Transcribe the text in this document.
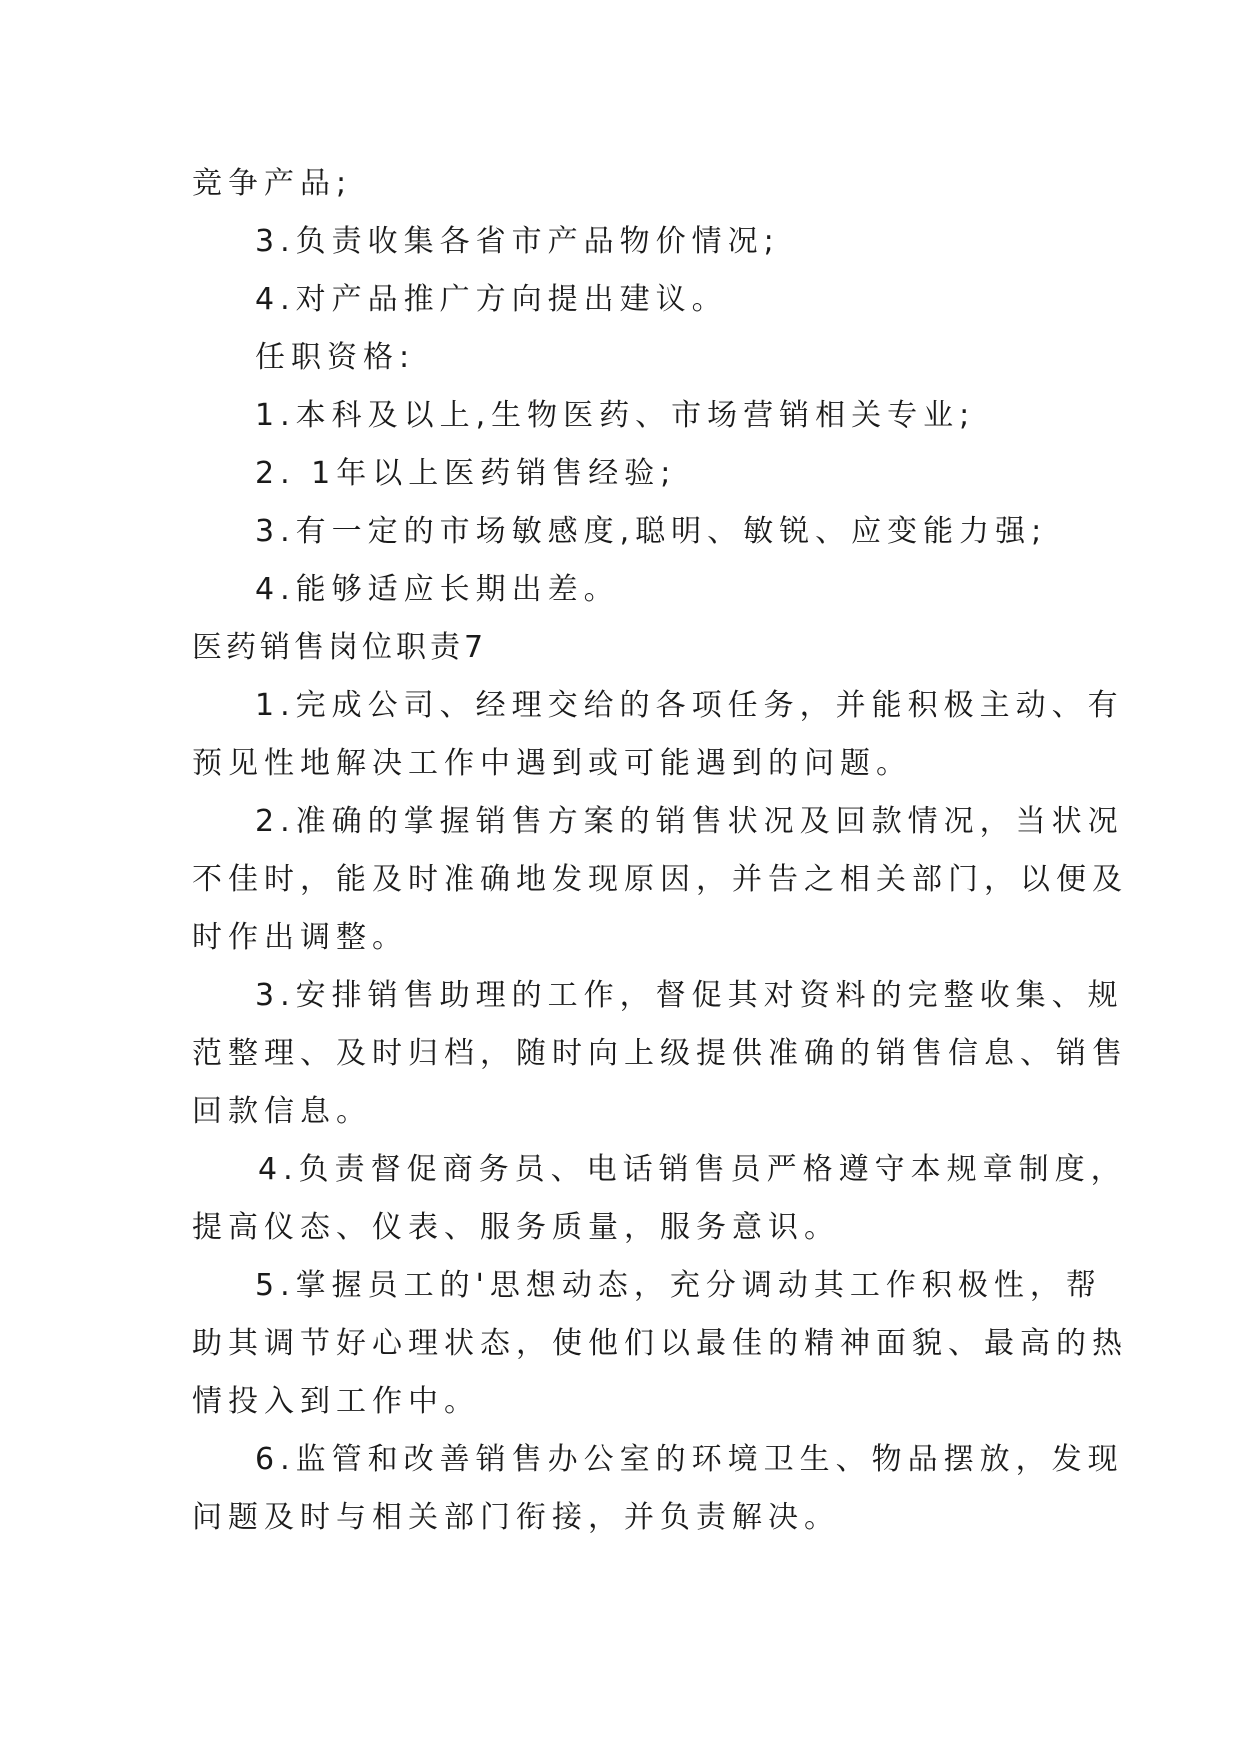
竞争产品;
3.负责收集各省市产品物价情况;
4.对产品推广方向提出建议。
任职资格:
1.本科及以上,生物医药、市场营销相关专业;
2. 1年以上医药销售经验;
3.有一定的市场敏感度,聪明、敏锐、应变能力强;
4.能够适应长期出差。
医药销售岗位职责7
1.完成公司、经理交给的各项任务，并能积极主动、有
预见性地解决工作中遇到或可能遇到的问题。
2.准确的掌握销售方案的销售状况及回款情况，当状况
不佳时，能及时准确地发现原因，并告之相关部门，以便及
时作出调整。
3.安排销售助理的工作，督促其对资料的完整收集、规
范整理、及时归档，随时向上级提供准确的销售信息、销售
回款信息。
4.负责督促商务员、电话销售员严格遵守本规章制度，
提高仪态、仪表、服务质量，服务意识。
5.掌握员工的'思想动态，充分调动其工作积极性，帮
助其调节好心理状态，使他们以最佳的精神面貌、最高的热
情投入到工作中。
6.监管和改善销售办公室的环境卫生、物品摆放，发现
问题及时与相关部门衔接，并负责解决。
